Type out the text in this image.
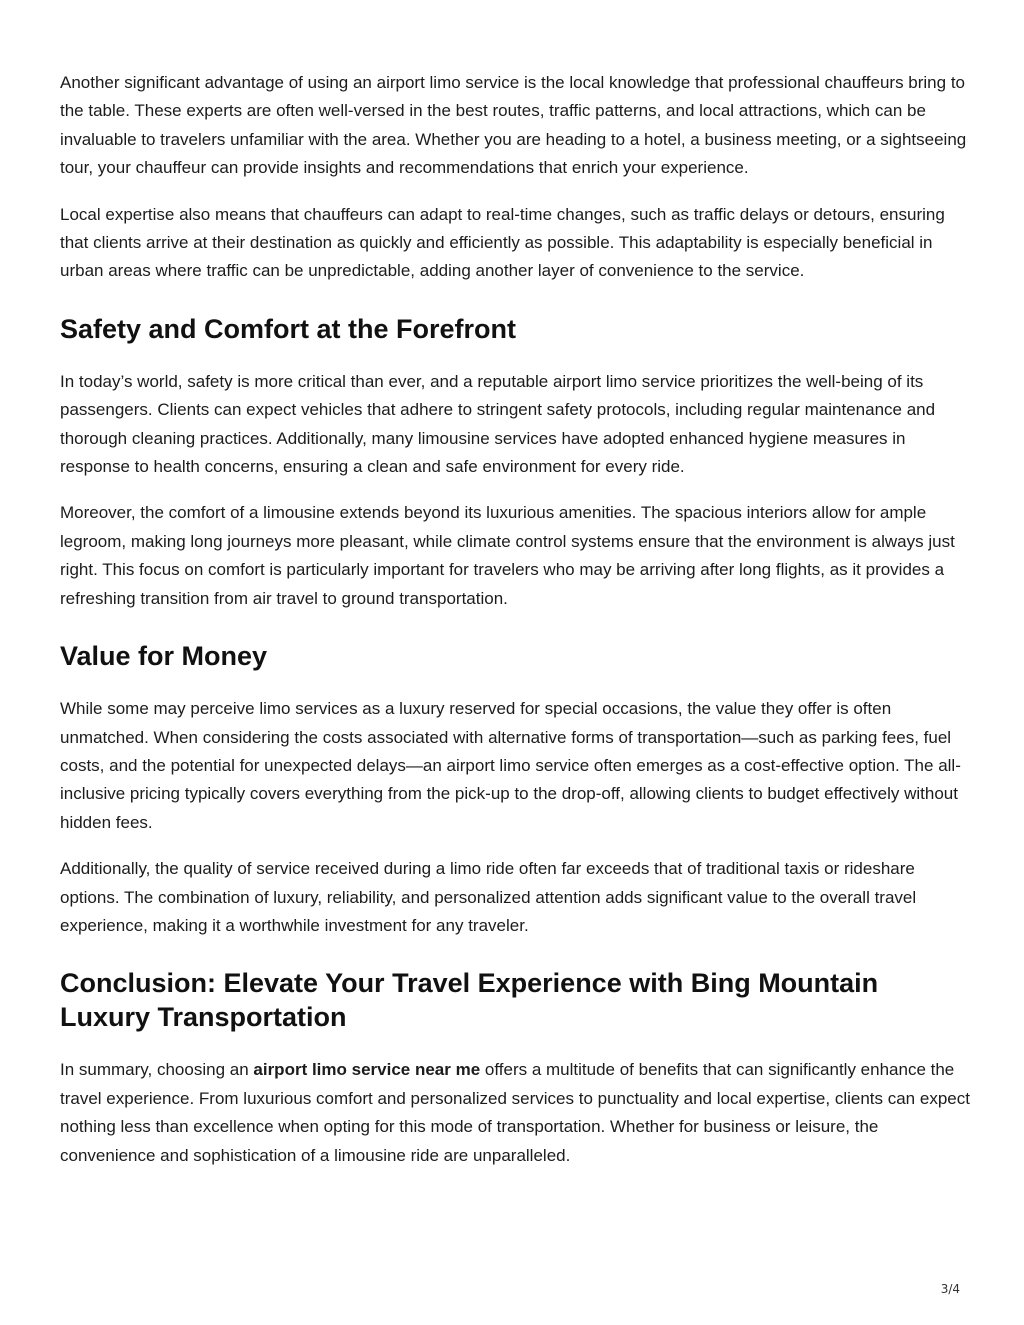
Another significant advantage of using an airport limo service is the local knowledge that professional chauffeurs bring to the table. These experts are often well-versed in the best routes, traffic patterns, and local attractions, which can be invaluable to travelers unfamiliar with the area. Whether you are heading to a hotel, a business meeting, or a sightseeing tour, your chauffeur can provide insights and recommendations that enrich your experience.

Local expertise also means that chauffeurs can adapt to real-time changes, such as traffic delays or detours, ensuring that clients arrive at their destination as quickly and efficiently as possible. This adaptability is especially beneficial in urban areas where traffic can be unpredictable, adding another layer of convenience to the service.

Safety and Comfort at the Forefront

In today’s world, safety is more critical than ever, and a reputable airport limo service prioritizes the well-being of its passengers. Clients can expect vehicles that adhere to stringent safety protocols, including regular maintenance and thorough cleaning practices. Additionally, many limousine services have adopted enhanced hygiene measures in response to health concerns, ensuring a clean and safe environment for every ride.

Moreover, the comfort of a limousine extends beyond its luxurious amenities. The spacious interiors allow for ample legroom, making long journeys more pleasant, while climate control systems ensure that the environment is always just right. This focus on comfort is particularly important for travelers who may be arriving after long flights, as it provides a refreshing transition from air travel to ground transportation.

Value for Money

While some may perceive limo services as a luxury reserved for special occasions, the value they offer is often unmatched. When considering the costs associated with alternative forms of transportation—such as parking fees, fuel costs, and the potential for unexpected delays—an airport limo service often emerges as a cost-effective option. The all-inclusive pricing typically covers everything from the pick-up to the drop-off, allowing clients to budget effectively without hidden fees.

Additionally, the quality of service received during a limo ride often far exceeds that of traditional taxis or rideshare options. The combination of luxury, reliability, and personalized attention adds significant value to the overall travel experience, making it a worthwhile investment for any traveler.

Conclusion: Elevate Your Travel Experience with Bing Mountain Luxury Transportation

In summary, choosing an airport limo service near me offers a multitude of benefits that can significantly enhance the travel experience. From luxurious comfort and personalized services to punctuality and local expertise, clients can expect nothing less than excellence when opting for this mode of transportation. Whether for business or leisure, the convenience and sophistication of a limousine ride are unparalleled.

3/4
